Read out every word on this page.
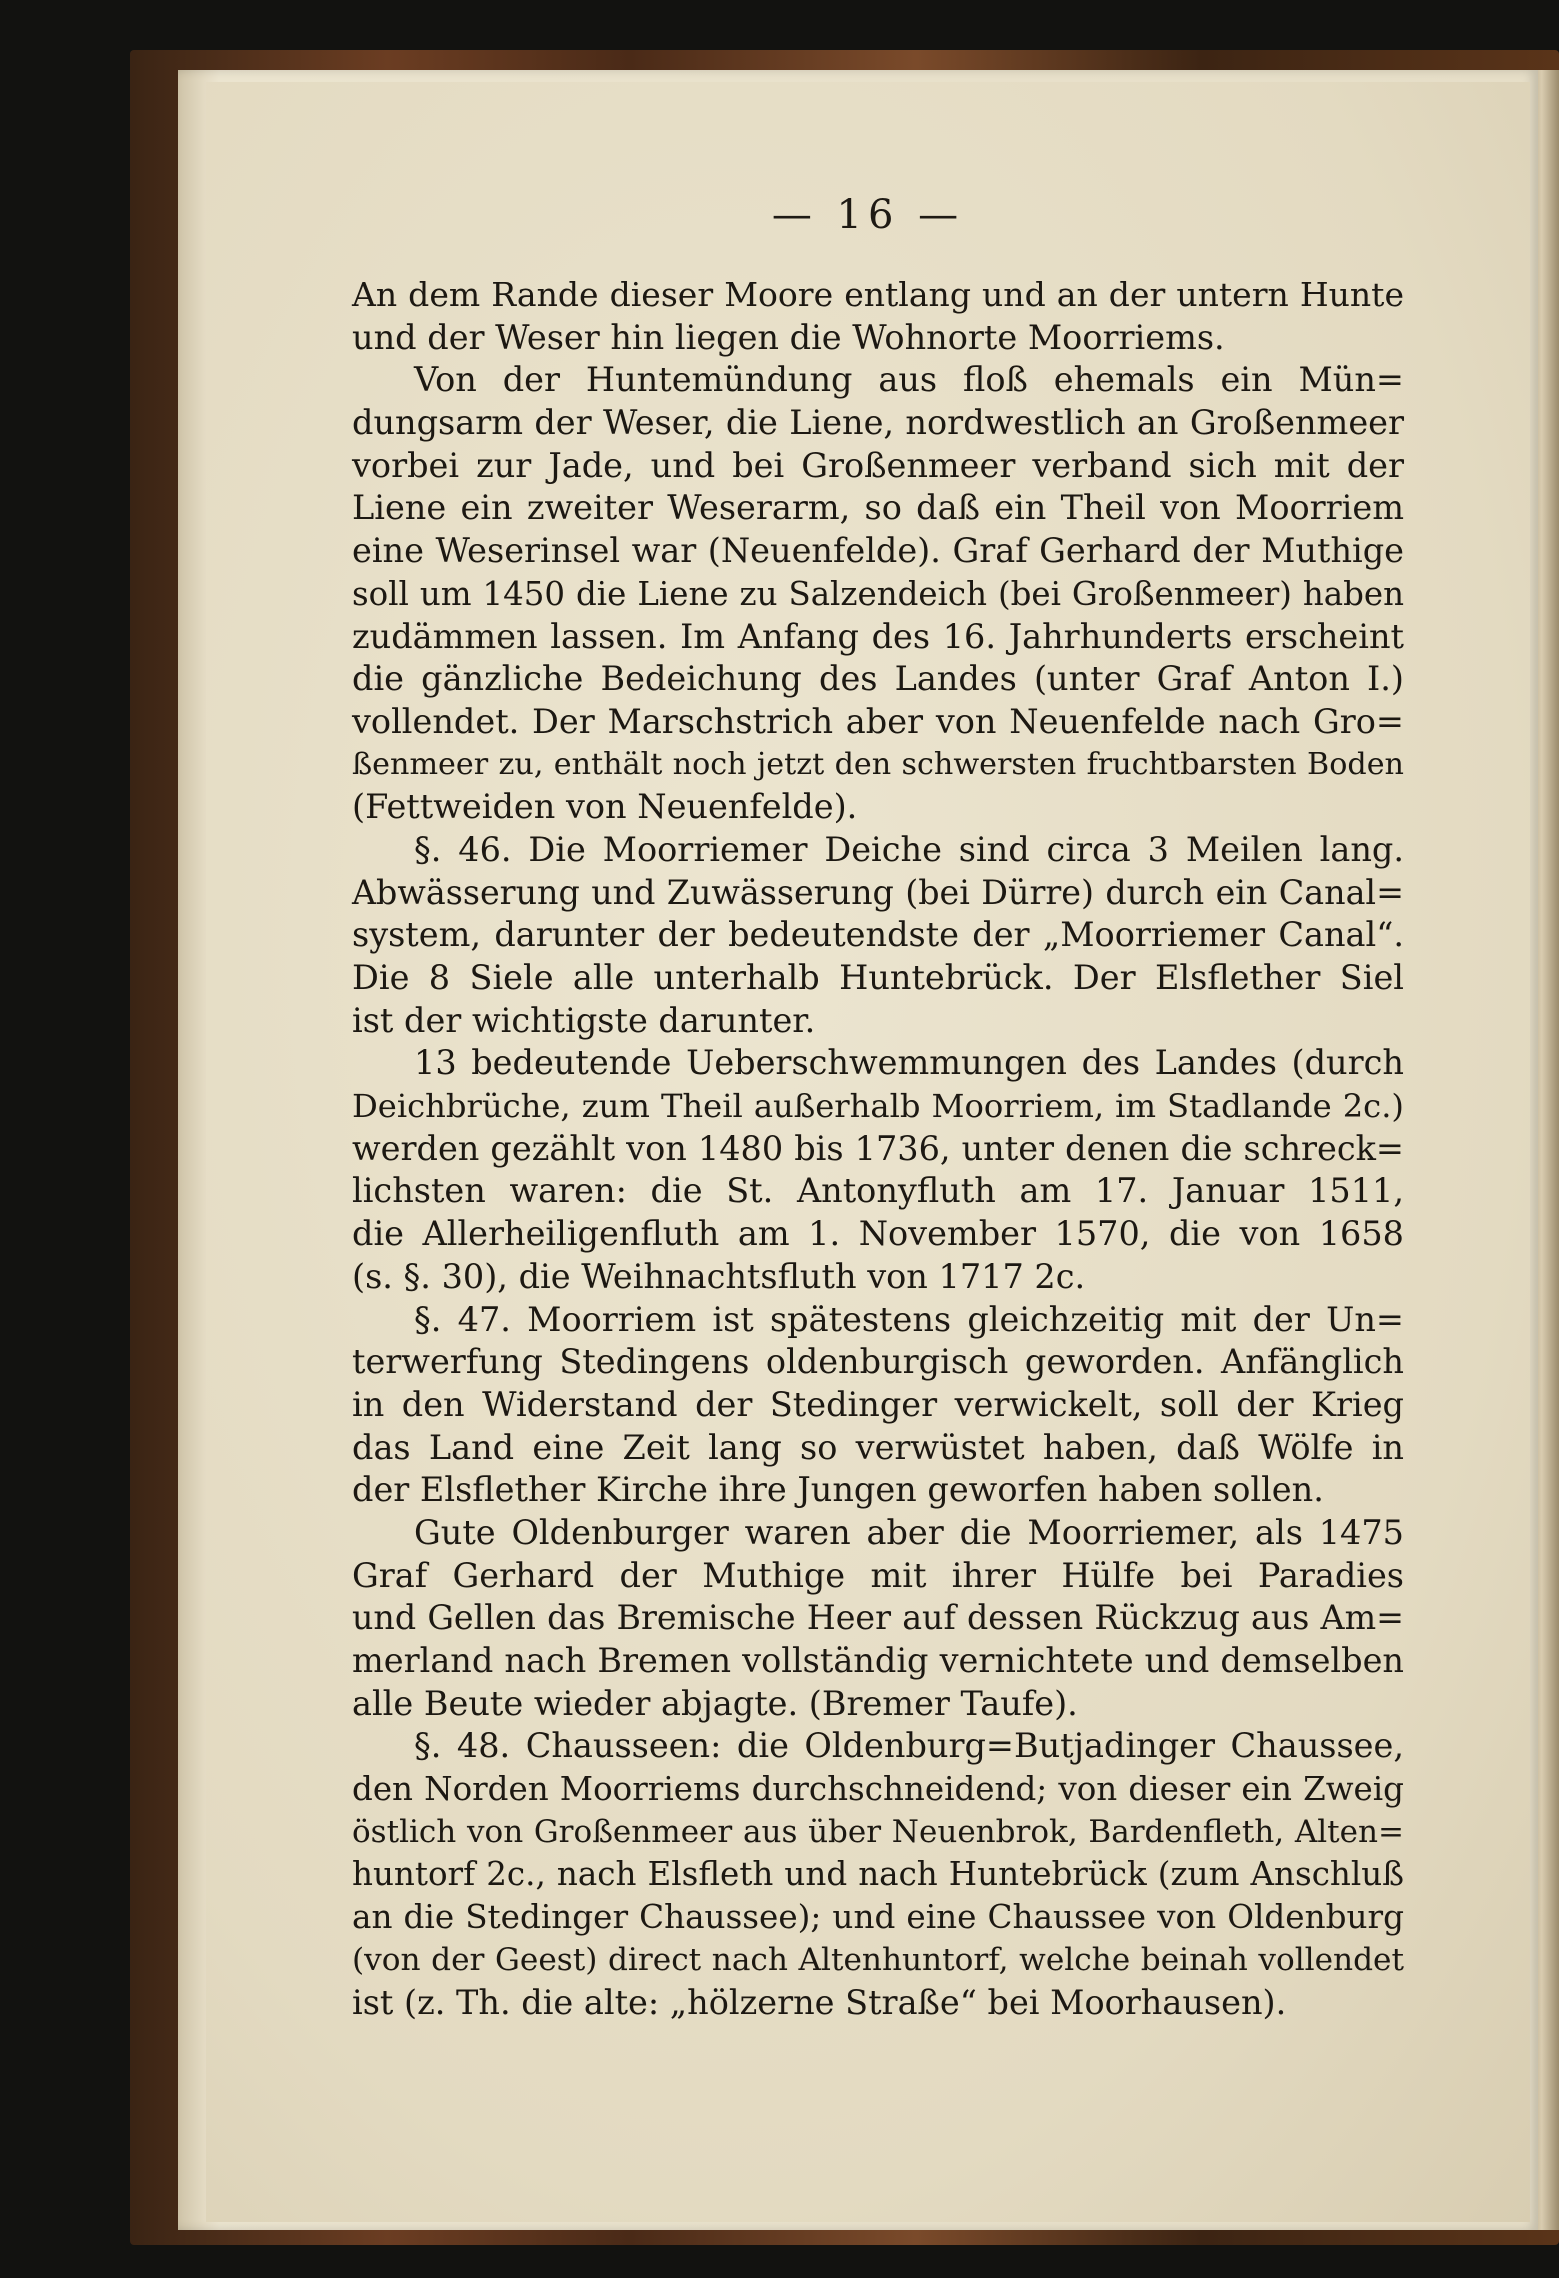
— 16 —
An dem Rande dieser Moore entlang und an der untern Hunte
und der Weser hin liegen die Wohnorte Moorriems.
Von der Huntemündung aus floß ehemals ein Mün=
dungsarm der Weser, die Liene, nordwestlich an Großenmeer
vorbei zur Jade, und bei Großenmeer verband sich mit der
Liene ein zweiter Weserarm, so daß ein Theil von Moorriem
eine Weserinsel war (Neuenfelde). Graf Gerhard der Muthige
soll um 1450 die Liene zu Salzendeich (bei Großenmeer) haben
zudämmen lassen. Im Anfang des 16. Jahrhunderts erscheint
die gänzliche Bedeichung des Landes (unter Graf Anton I.)
vollendet. Der Marschstrich aber von Neuenfelde nach Gro=
ßenmeer zu, enthält noch jetzt den schwersten fruchtbarsten Boden
(Fettweiden von Neuenfelde).
§. 46. Die Moorriemer Deiche sind circa 3 Meilen lang.
Abwässerung und Zuwässerung (bei Dürre) durch ein Canal=
system, darunter der bedeutendste der „Moorriemer Canal“.
Die 8 Siele alle unterhalb Huntebrück. Der Elsflether Siel
ist der wichtigste darunter.
13 bedeutende Ueberschwemmungen des Landes (durch
Deichbrüche, zum Theil außerhalb Moorriem, im Stadlande 2c.)
werden gezählt von 1480 bis 1736, unter denen die schreck=
lichsten waren: die St. Antonyfluth am 17. Januar 1511,
die Allerheiligenfluth am 1. November 1570, die von 1658
(s. §. 30), die Weihnachtsfluth von 1717 2c.
§. 47. Moorriem ist spätestens gleichzeitig mit der Un=
terwerfung Stedingens oldenburgisch geworden. Anfänglich
in den Widerstand der Stedinger verwickelt, soll der Krieg
das Land eine Zeit lang so verwüstet haben, daß Wölfe in
der Elsflether Kirche ihre Jungen geworfen haben sollen.
Gute Oldenburger waren aber die Moorriemer, als 1475
Graf Gerhard der Muthige mit ihrer Hülfe bei Paradies
und Gellen das Bremische Heer auf dessen Rückzug aus Am=
merland nach Bremen vollständig vernichtete und demselben
alle Beute wieder abjagte. (Bremer Taufe).
§. 48. Chausseen: die Oldenburg=Butjadinger Chaussee,
den Norden Moorriems durchschneidend; von dieser ein Zweig
östlich von Großenmeer aus über Neuenbrok, Bardenfleth, Alten=
huntorf 2c., nach Elsfleth und nach Huntebrück (zum Anschluß
an die Stedinger Chaussee); und eine Chaussee von Oldenburg
(von der Geest) direct nach Altenhuntorf, welche beinah vollendet
ist (z. Th. die alte: „hölzerne Straße“ bei Moorhausen).
